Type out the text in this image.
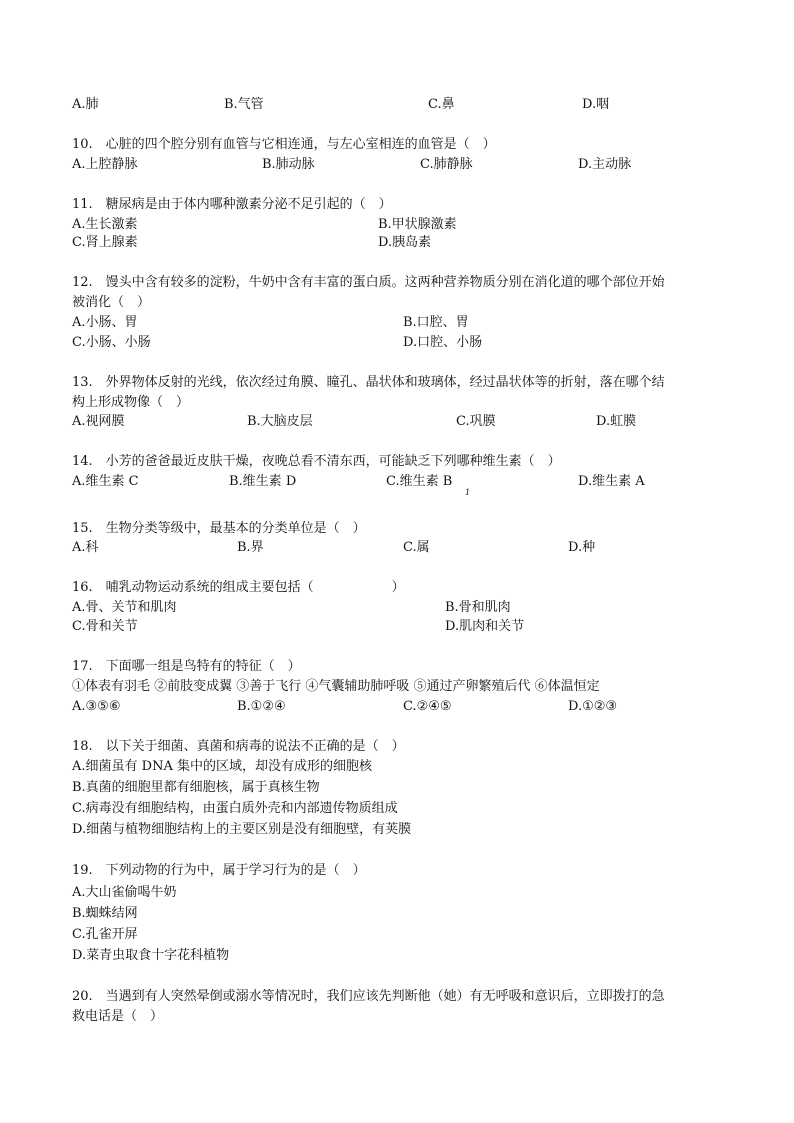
A.肺	B.气管	C.鼻	D.咽
10.　心脏的四个腔分别有血管与它相连通，与左心室相连的血管是（　）
A.上腔静脉	B.肺动脉	C.肺静脉	D.主动脉
11.　糖尿病是由于体内哪种激素分泌不足引起的（　）
A.生长激素	B.甲状腺激素
C.肾上腺素	D.胰岛素
12.　馒头中含有较多的淀粉，牛奶中含有丰富的蛋白质。这两种营养物质分别在消化道的哪个部位开始
被消化（　）
A.小肠、胃	B.口腔、胃
C.小肠、小肠	D.口腔、小肠
13.　外界物体反射的光线，依次经过角膜、瞳孔、晶状体和玻璃体，经过晶状体等的折射，落在哪个结
构上形成物像（　）
A.视网膜	B.大脑皮层	C.巩膜	D.虹膜
14.　小芳的爸爸最近皮肤干燥，夜晚总看不清东西，可能缺乏下列哪种维生素（　）
A.维生素 C	B.维生素 D	C.维生素 B
1
D.维生素 A
15.　生物分类等级中，最基本的分类单位是（　）
A.科	B.界	C.属	D.种
16.　哺乳动物运动系统的组成主要包括（　　　　　　）
A.骨、关节和肌肉	B.骨和肌肉
C.骨和关节	D.肌肉和关节
17.　下面哪一组是鸟特有的特征（　）
①体表有羽毛 ②前肢变成翼 ③善于飞行 ④气囊辅助肺呼吸 ⑤通过产卵繁殖后代 ⑥体温恒定
A.③⑤⑥	B.①②④	C.②④⑤	D.①②③
18.　以下关于细菌、真菌和病毒的说法不正确的是（　）
A.细菌虽有 DNA 集中的区域，却没有成形的细胞核
B.真菌的细胞里都有细胞核，属于真核生物
C.病毒没有细胞结构，由蛋白质外壳和内部遗传物质组成
D.细菌与植物细胞结构上的主要区别是没有细胞壁，有荚膜
19.　下列动物的行为中，属于学习行为的是（　）
A.大山雀偷喝牛奶
B.蜘蛛结网
C.孔雀开屏
D.菜青虫取食十字花科植物
20.　当遇到有人突然晕倒或溺水等情况时，我们应该先判断他（她）有无呼吸和意识后，立即拨打的急
救电话是（　）
